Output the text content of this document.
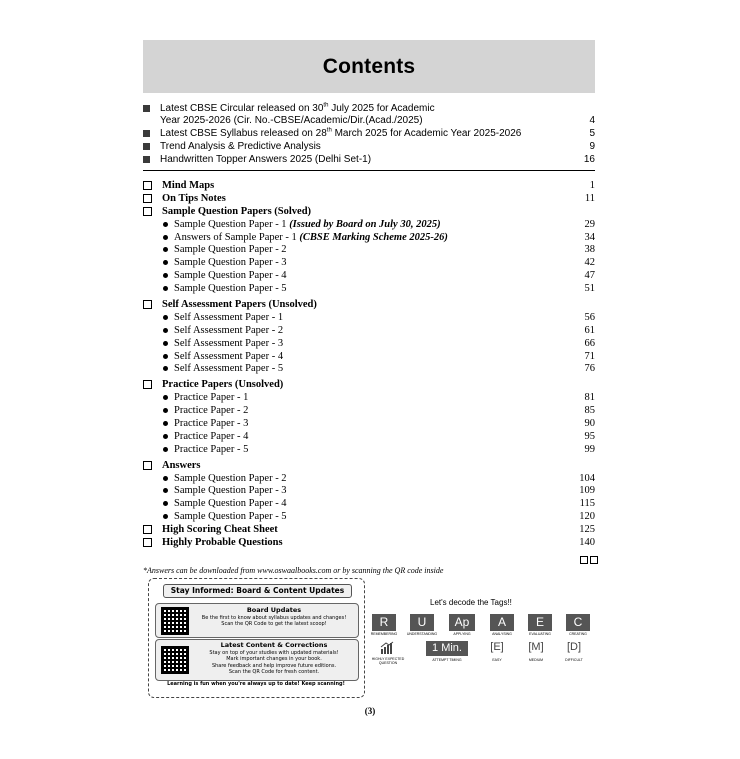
Contents
Latest CBSE Circular released on 30th July 2025 for Academic
Year 2025-2026 (Cir. No.-CBSE/Academic/Dir.(Acad./2025)	4
Latest CBSE Syllabus released on 28th March 2025 for Academic Year 2025-2026	5
Trend Analysis & Predictive Analysis	9
Handwritten Topper Answers 2025 (Delhi Set-1)	16
Mind Maps	1
On Tips Notes	11
Sample Question Papers (Solved)
Sample Question Paper - 1 (Issued by Board on July 30, 2025)	29
Answers of Sample Paper - 1 (CBSE Marking Scheme 2025-26)	34
Sample Question Paper - 2	38
Sample Question Paper - 3	42
Sample Question Paper - 4	47
Sample Question Paper - 5	51
Self Assessment Papers (Unsolved)
Self Assessment Paper - 1	56
Self Assessment Paper - 2	61
Self Assessment Paper - 3	66
Self Assessment Paper - 4	71
Self Assessment Paper - 5	76
Practice Papers (Unsolved)
Practice Paper - 1	81
Practice Paper - 2	85
Practice Paper - 3	90
Practice Paper - 4	95
Practice Paper - 5	99
Answers
Sample Question Paper - 2	104
Sample Question Paper - 3	109
Sample Question Paper - 4	115
Sample Question Paper - 5	120
High Scoring Cheat Sheet	125
Highly Probable Questions	140
*Answers can be downloaded from www.oswaalbooks.com or by scanning the QR code inside
Stay Informed: Board & Content Updates
Board Updates
Be the first to know about syllabus updates and changes!
Scan the QR Code to get the latest scoop!
Latest Content & Corrections
Stay on top of your studies with updated materials!
Mark important changes in your book.
Share feedback and help improve future editions.
Scan the QR Code for fresh content.
Learning is fun when you're always up to date! Keep scanning!
Let's decode the Tags!!
R
REMEMBERING
U
UNDERSTANDING
Ap
APPLYING
A
ANALYSING
E
EVALUATING
C
CREATING
HIGHLY EXPECTED QUESTION
1 Min.
ATTEMPT TIMING
[E]
EASY
[M]
MEDIUM
[D]
DIFFICULT
(3)
